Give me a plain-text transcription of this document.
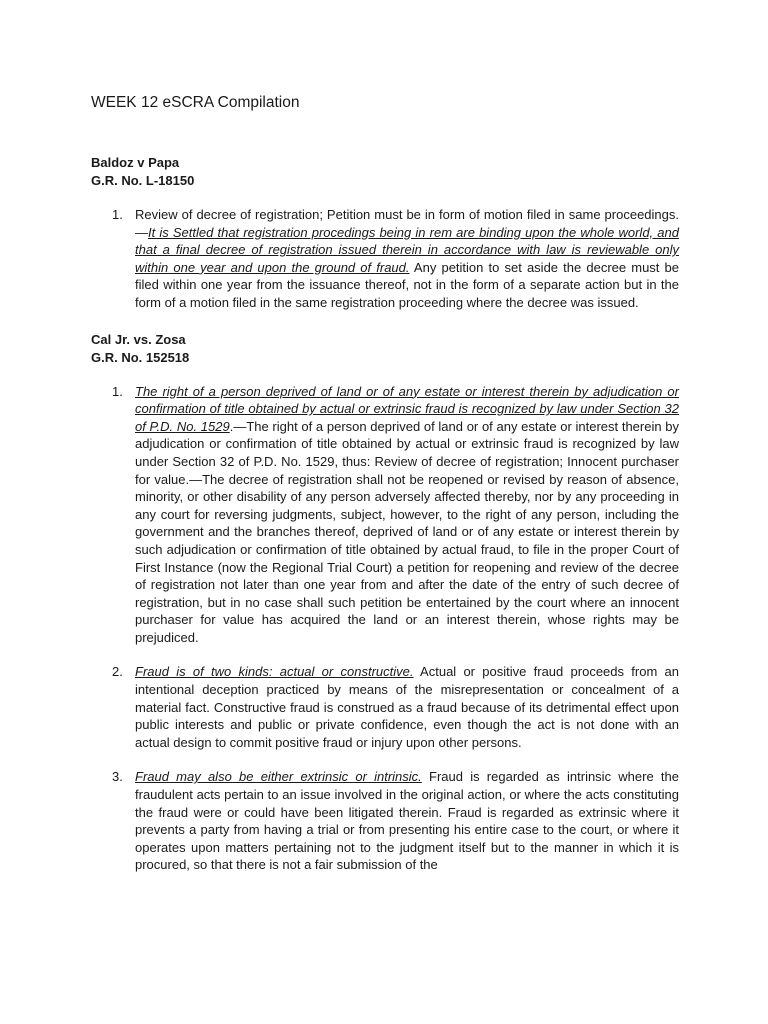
WEEK 12 eSCRA Compilation

Baldoz v Papa

G.R. No. L-18150

1. Review of decree of registration; Petition must be in form of motion filed in same proceedings.—It is Settled that registration procedings being in rem are binding upon the whole world, and that a final decree of registration issued therein in accordance with law is reviewable only within one year and upon the ground of fraud. Any petition to set aside the decree must be filed within one year from the issuance thereof, not in the form of a separate action but in the form of a motion filed in the same registration proceeding where the decree was issued.

Cal Jr. vs. Zosa

G.R. No. 152518

1. The right of a person deprived of land or of any estate or interest therein by adjudication or confirmation of title obtained by actual or extrinsic fraud is recognized by law under Section 32 of P.D. No. 1529.—The right of a person deprived of land or of any estate or interest therein by adjudication or confirmation of title obtained by actual or extrinsic fraud is recognized by law under Section 32 of P.D. No. 1529, thus: Review of decree of registration; Innocent purchaser for value.—The decree of registration shall not be reopened or revised by reason of absence, minority, or other disability of any person adversely affected thereby, nor by any proceeding in any court for reversing judgments, subject, however, to the right of any person, including the government and the branches thereof, deprived of land or of any estate or interest therein by such adjudication or confirmation of title obtained by actual fraud, to file in the proper Court of First Instance (now the Regional Trial Court) a petition for reopening and review of the decree of registration not later than one year from and after the date of the entry of such decree of registration, but in no case shall such petition be entertained by the court where an innocent purchaser for value has acquired the land or an interest therein, whose rights may be prejudiced.
2. Fraud is of two kinds: actual or constructive. Actual or positive fraud proceeds from an intentional deception practiced by means of the misrepresentation or concealment of a material fact. Constructive fraud is construed as a fraud because of its detrimental effect upon public interests and public or private confidence, even though the act is not done with an actual design to commit positive fraud or injury upon other persons.
3. Fraud may also be either extrinsic or intrinsic. Fraud is regarded as intrinsic where the fraudulent acts pertain to an issue involved in the original action, or where the acts constituting the fraud were or could have been litigated therein. Fraud is regarded as extrinsic where it prevents a party from having a trial or from presenting his entire case to the court, or where it operates upon matters pertaining not to the judgment itself but to the manner in which it is procured, so that there is not a fair submission of the
